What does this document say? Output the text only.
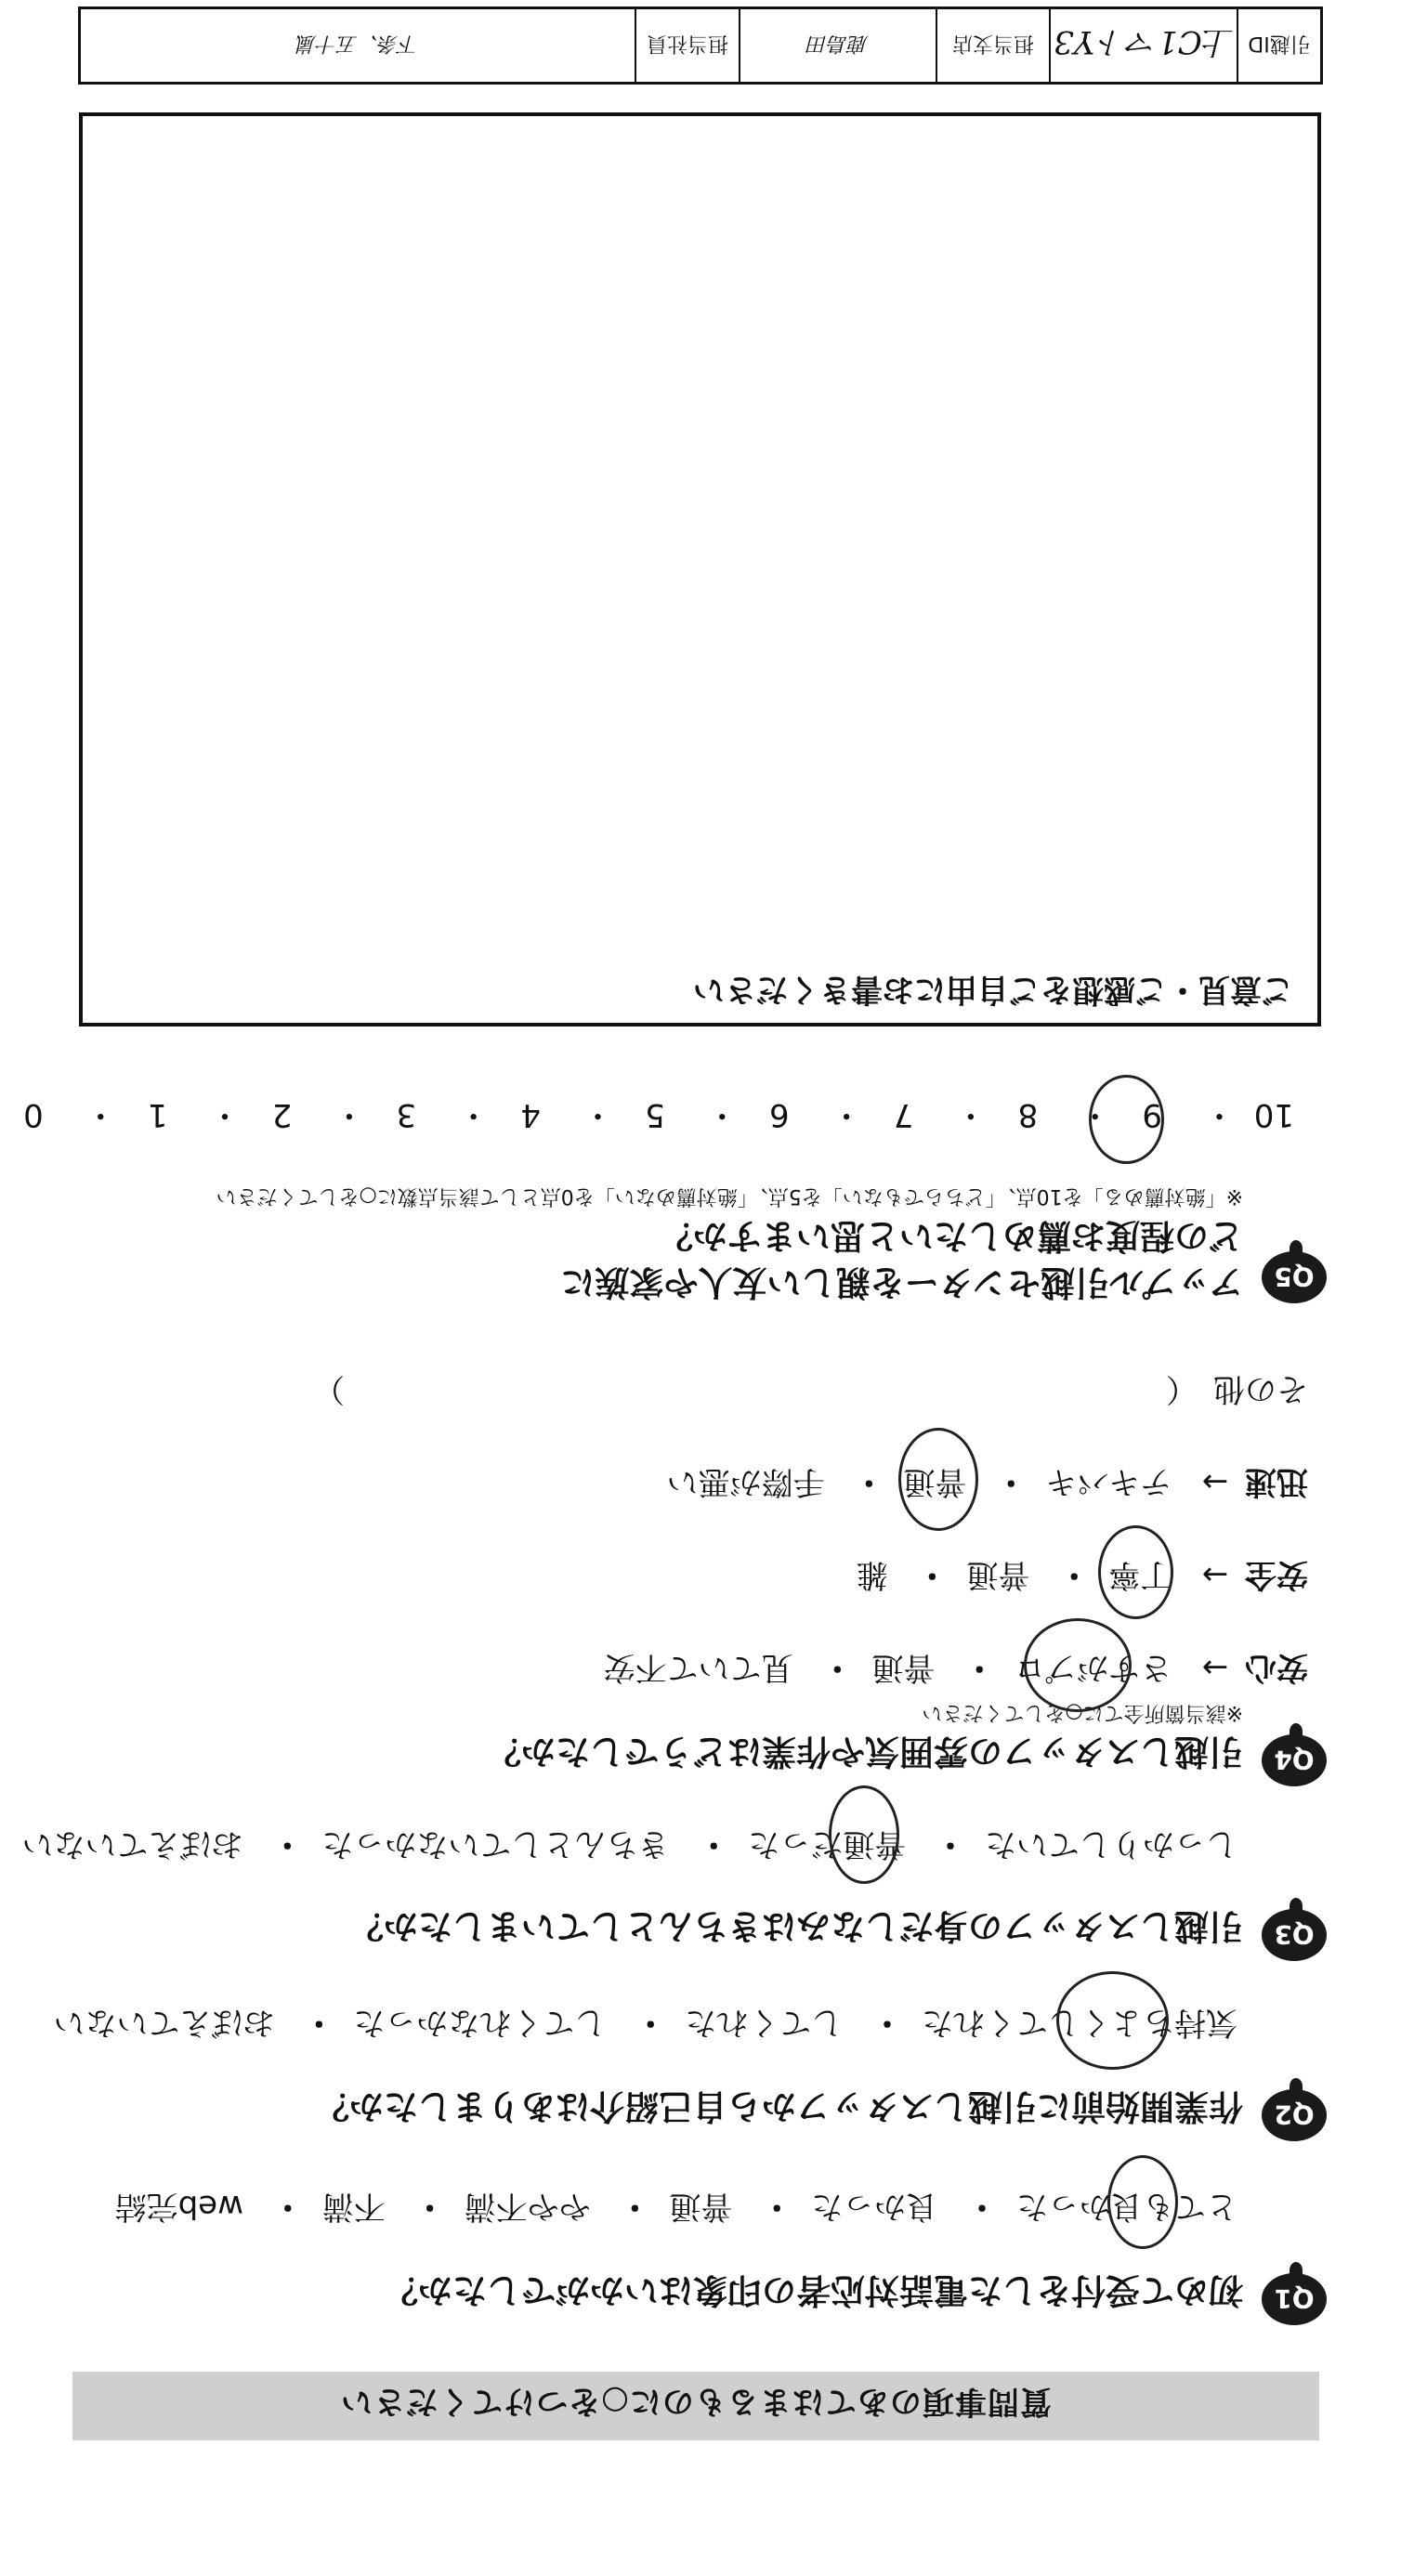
質問事項のあてはまるものに○をつけてください
Q1
初めて受付をした電話対応者の印象はいかがでしたか？
とても良かった・ 良かった・ 普通・ やや不満・ 不満・ web完結
Q2
作業開始前に引越しスタッフから自己紹介はありましたか？
気持ちよくしてくれた・ してくれた・ してくれなかった・ おぼえていない
Q3
引越しスタッフの身だしなみはきちんとしていましたか？
しっかりしていた・ 普通だった・ きちんとしていなかった・ おぼえていない
Q4
引越しスタッフの雰囲気や作業はどうでしたか？
※該当箇所全てに○をしてください
安心→ さすがプロ・ 普通・ 見ていて不安
安全→ 丁寧・ 普通・ 雑
迅速→ テキパキ・ 普通・ 手際が悪い
その他　（　　　　　　　　　　　　　　　　　　　　　　　　　　）
Q5
アップル引越センターを親しい友人や家族に
どの程度お薦めしたいと思いますか？
※「絶対薦める」を10点、「どちらでもない」を5点、「絶対薦めない」を0点として該当点数に○をしてください
10・ 9・ 8・ 7・ 6・ 5・ 4・ 3・ 2・ 1・ 0
ご意見・ご感想をご自由にお書きください
引越ID
上C1マトY3
担当支店
鹿島田
担当社員
下条、五十嵐
